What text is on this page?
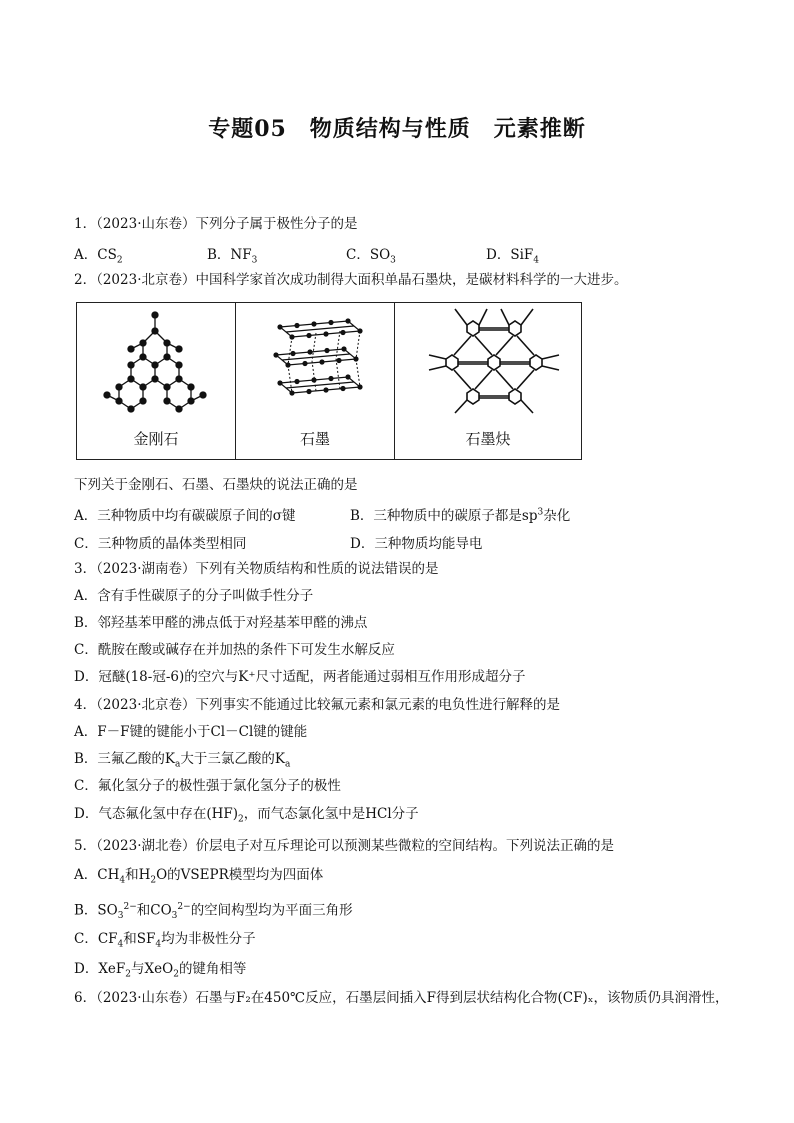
专题05　物质结构与性质　元素推断
1．（2023·山东卷）下列分子属于极性分子的是
A．$CS_2$	B．$NF_3$	C．$SO_3$	D．SiF$_4$
2．（2023·北京卷）中国科学家首次成功制得大面积单晶石墨炔，是碳材料科学的一大进步。
金刚石	石墨	石墨炔
下列关于金刚石、石墨、石墨炔的说法正确的是
A．三种物质中均有碳碳原子间的σ键	B．三种物质中的碳原子都是$sp^3$杂化
C．三种物质的晶体类型相同	D．三种物质均能导电
3．（2023·湖南卷）下列有关物质结构和性质的说法错误的是
A．含有手性碳原子的分子叫做手性分子
B．邻羟基苯甲醛的沸点低于对羟基苯甲醛的沸点
C．酰胺在酸或碱存在并加热的条件下可发生水解反应
D．冠醚(18-冠-6)的空穴与K⁺尺寸适配，两者能通过弱相互作用形成超分子
4．（2023·北京卷）下列事实不能通过比较氟元素和氯元素的电负性进行解释的是
A．F－F键的键能小于Cl－Cl键的键能
B．三氟乙酸的$K_a$大于三氯乙酸的$K_a$
C．氟化氢分子的极性强于氯化氢分子的极性
D．气态氟化氢中存在$(HF)_2$，而气态氯化氢中是HCl分子
5．（2023·湖北卷）价层电子对互斥理论可以预测某些微粒的空间结构。下列说法正确的是
A．$CH_4$和$H_2O$的VSEPR模型均为四面体
B．$SO_3^{2-}$和$CO_3^{2-}$的空间构型均为平面三角形
C．$CF_4$和$SF_4$均为非极性分子
D．XeF$_2$与XeO$_2$的键角相等
6．（2023·山东卷）石墨与F₂在450℃反应，石墨层间插入F得到层状结构化合物(CF)ₓ，该物质仍具润滑性，
